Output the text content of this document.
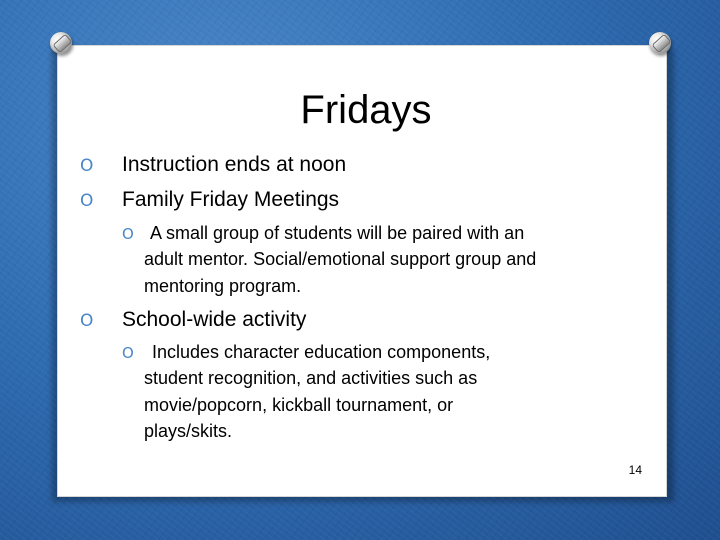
Fridays
O Instruction ends at noon
O Family Friday Meetings
O A small group of students will be paired with an
adult mentor. Social/emotional support group and
mentoring program.
O School-wide activity
O Includes character education components,
student recognition, and activities such as
movie/popcorn, kickball tournament, or
plays/skits.
14
